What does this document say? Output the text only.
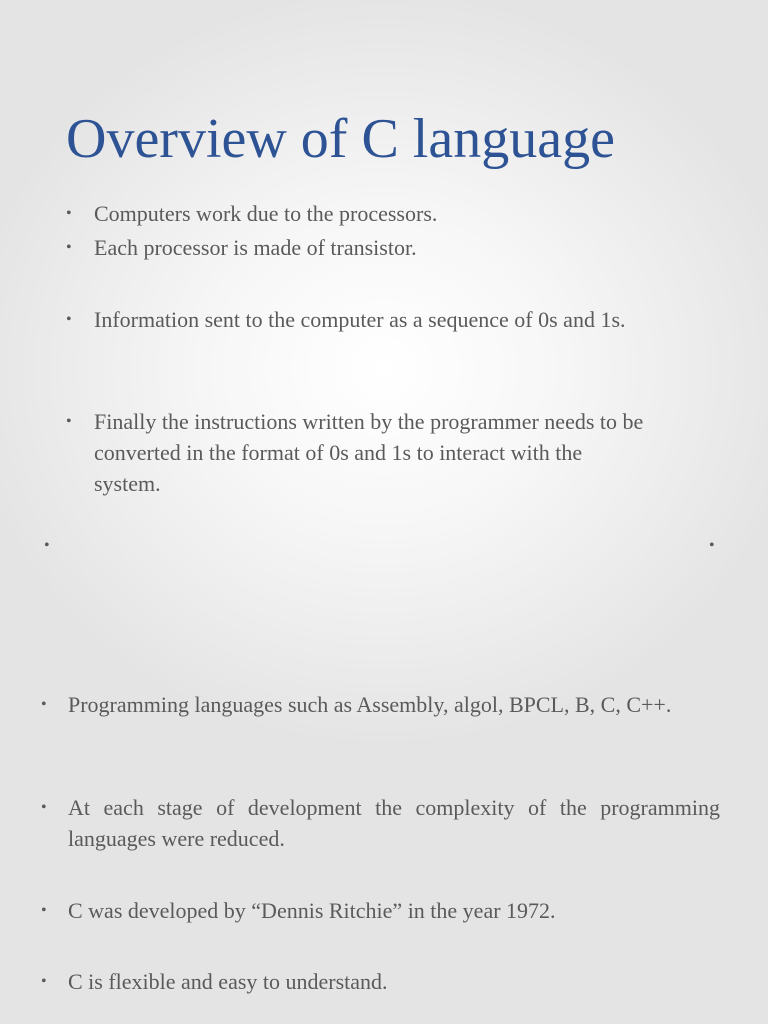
Overview of C language
• Computers work due to the processors.
• Each processor is made of transistor.
• Information sent to the computer as a sequence of 0s and 1s.
• Finally the instructions written by the programmer needs to be converted in the format of 0s and 1s to interact with the system.
•	•
• Programming languages such as Assembly, algol, BPCL, B, C, C++.
• At each stage of development the complexity of the programming languages were reduced.
• C was developed by “Dennis Ritchie” in the year 1972.
• C is flexible and easy to understand.
